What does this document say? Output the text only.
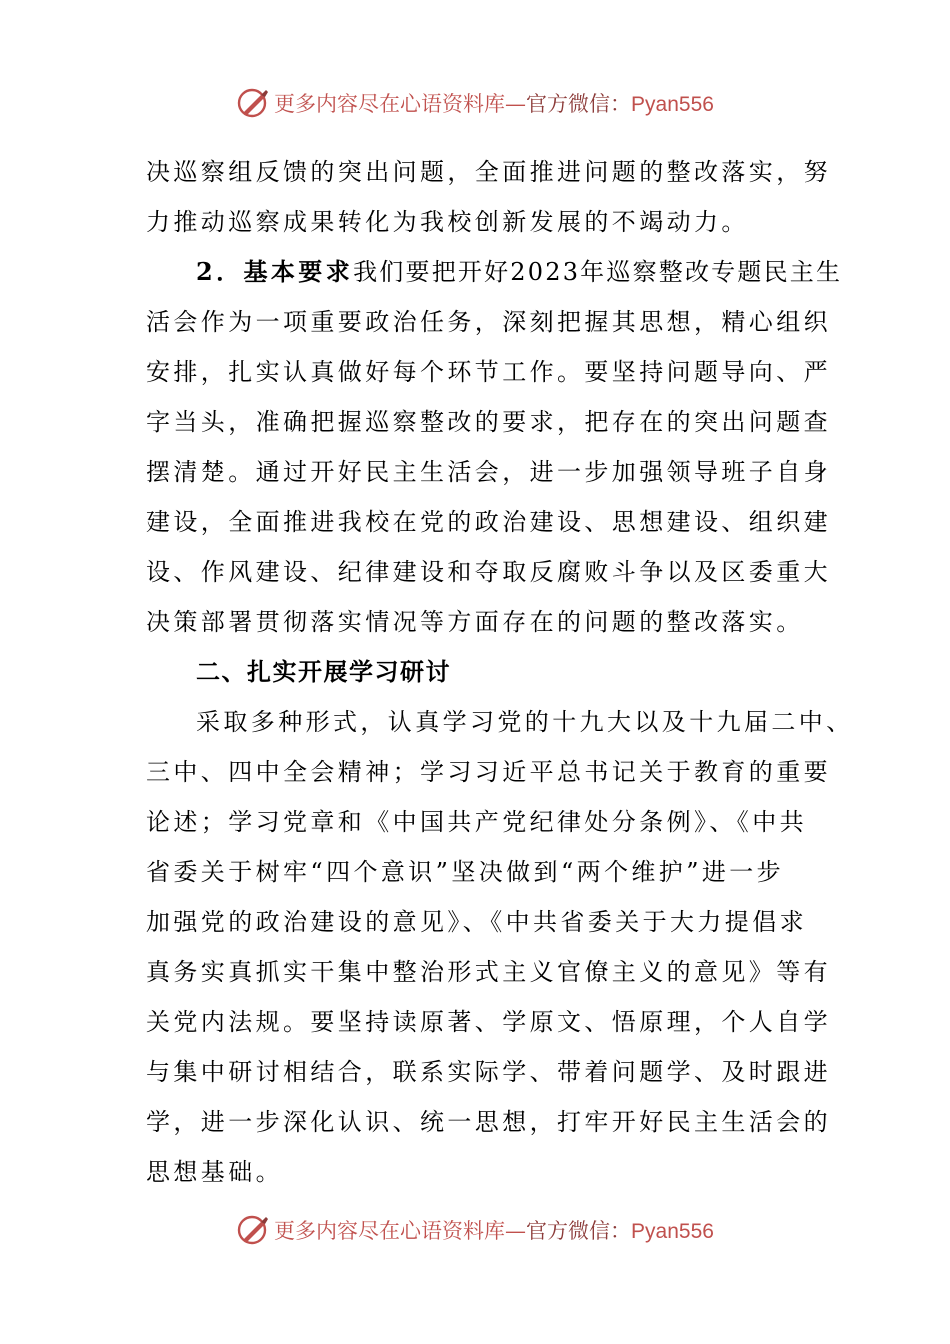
更多内容尽在心语资料库—官方微信：Pyan556
决巡察组反馈的突出问题，全面推进问题的整改落实，努
力推动巡察成果转化为我校创新发展的不竭动力。
2．基本要求我们要把开好2023年巡察整改专题民主生
活会作为一项重要政治任务，深刻把握其思想，精心组织
安排，扎实认真做好每个环节工作。要坚持问题导向、严
字当头，准确把握巡察整改的要求，把存在的突出问题查
摆清楚。通过开好民主生活会，进一步加强领导班子自身
建设，全面推进我校在党的政治建设、思想建设、组织建
设、作风建设、纪律建设和夺取反腐败斗争以及区委重大
决策部署贯彻落实情况等方面存在的问题的整改落实。
二、扎实开展学习研讨
采取多种形式，认真学习党的十九大以及十九届二中、
三中、四中全会精神；学习习近平总书记关于教育的重要
论述；学习党章和《中国共产党纪律处分条例》、《中共
省委关于树牢“四个意识”坚决做到“两个维护”进一步
加强党的政治建设的意见》、《中共省委关于大力提倡求
真务实真抓实干集中整治形式主义官僚主义的意见》等有
关党内法规。要坚持读原著、学原文、悟原理，个人自学
与集中研讨相结合，联系实际学、带着问题学、及时跟进
学，进一步深化认识、统一思想，打牢开好民主生活会的
思想基础。
更多内容尽在心语资料库—官方微信：Pyan556
